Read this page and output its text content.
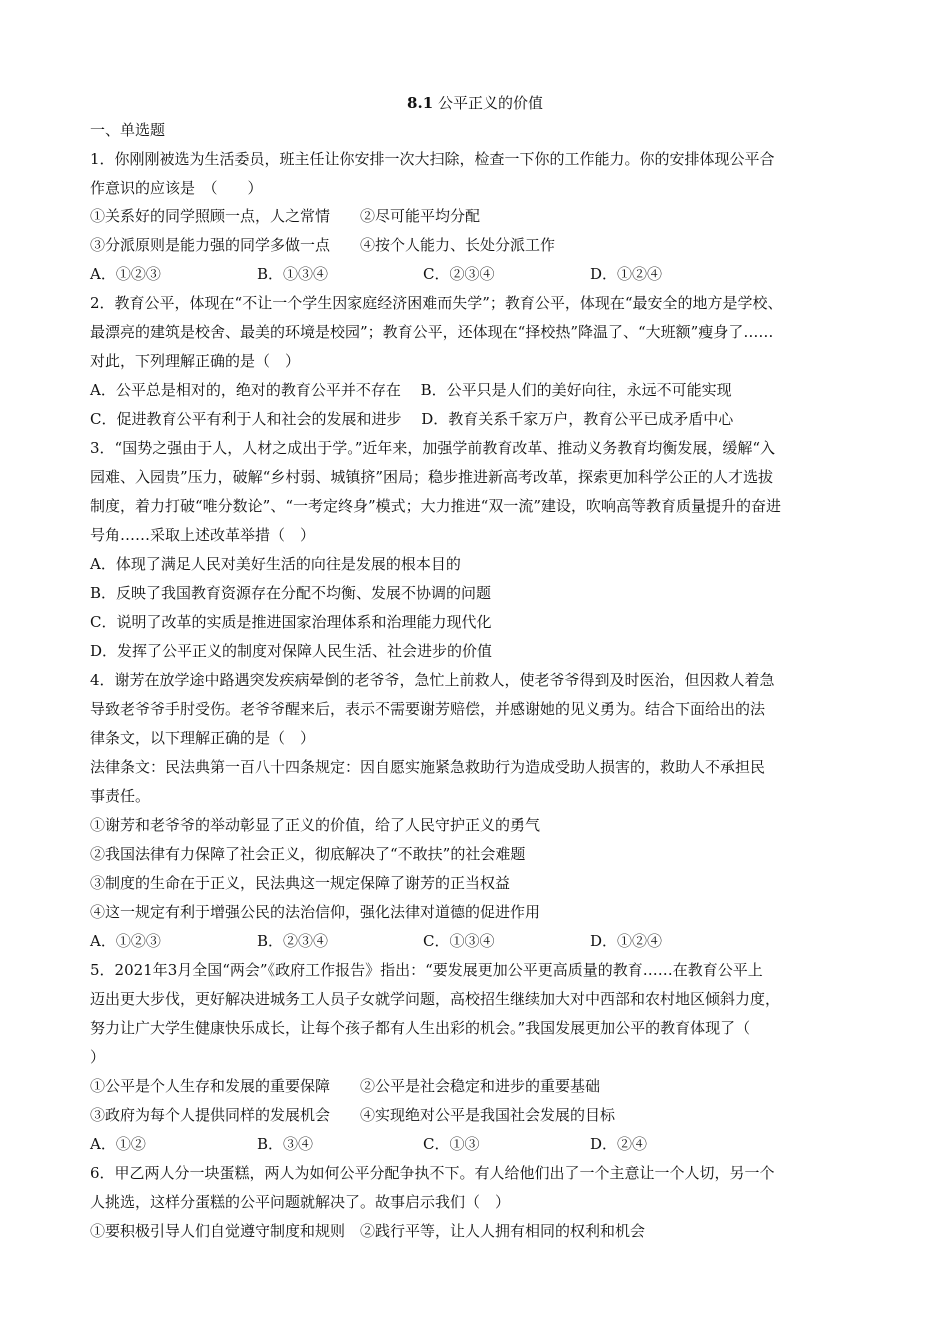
8.1 公平正义的价值
一、单选题
1．你刚刚被选为生活委员，班主任让你安排一次大扫除，检查一下你的工作能力。你的安排体现公平合
作意识的应该是　（　　）
①关系好的同学照顾一点，人之常情　　②尽可能平均分配
③分派原则是能力强的同学多做一点　　④按个人能力、长处分派工作
A．①②③	B．①③④	C．②③④	D．①②④
2．教育公平，体现在“不让一个学生因家庭经济困难而失学”；教育公平，体现在“最安全的地方是学校、
最漂亮的建筑是校舍、最美的环境是校园”；教育公平，还体现在“择校热”降温了、“大班额”瘦身了……
对此，下列理解正确的是（　）
A．公平总是相对的，绝对的教育公平并不存在　 B．公平只是人们的美好向往，永远不可能实现
C．促进教育公平有利于人和社会的发展和进步　 D．教育关系千家万户，教育公平已成矛盾中心
3．“国势之强由于人，人材之成出于学。”近年来，加强学前教育改革、推动义务教育均衡发展，缓解“入
园难、入园贵”压力，破解“乡村弱、城镇挤”困局；稳步推进新高考改革，探索更加科学公正的人才选拔
制度，着力打破“唯分数论”、“一考定终身”模式；大力推进“双一流”建设，吹响高等教育质量提升的奋进
号角……采取上述改革举措（　）
A．体现了满足人民对美好生活的向往是发展的根本目的
B．反映了我国教育资源存在分配不均衡、发展不协调的问题
C．说明了改革的实质是推进国家治理体系和治理能力现代化
D．发挥了公平正义的制度对保障人民生活、社会进步的价值
4．谢芳在放学途中路遇突发疾病晕倒的老爷爷，急忙上前救人，使老爷爷得到及时医治，但因救人着急
导致老爷爷手肘受伤。老爷爷醒来后，表示不需要谢芳赔偿，并感谢她的见义勇为。结合下面给出的法
律条文，以下理解正确的是（　）
法律条文：民法典第一百八十四条规定：因自愿实施紧急救助行为造成受助人损害的，救助人不承担民
事责任。
①谢芳和老爷爷的举动彰显了正义的价值，给了人民守护正义的勇气
②我国法律有力保障了社会正义，彻底解决了“不敢扶”的社会难题
③制度的生命在于正义，民法典这一规定保障了谢芳的正当权益
④这一规定有利于增强公民的法治信仰，强化法律对道德的促进作用
A．①②③	B．②③④	C．①③④	D．①②④
5．2021年3月全国“两会”《政府工作报告》指出：“要发展更加公平更高质量的教育……在教育公平上
迈出更大步伐，更好解决进城务工人员子女就学问题，高校招生继续加大对中西部和农村地区倾斜力度，
努力让广大学生健康快乐成长，让每个孩子都有人生出彩的机会。”我国发展更加公平的教育体现了（
）
①公平是个人生存和发展的重要保障　　②公平是社会稳定和进步的重要基础
③政府为每个人提供同样的发展机会　　④实现绝对公平是我国社会发展的目标
A．①②	B．③④	C．①③	D．②④
6．甲乙两人分一块蛋糕，两人为如何公平分配争执不下。有人给他们出了一个主意让一个人切，另一个
人挑选，这样分蛋糕的公平问题就解决了。故事启示我们（　）
①要积极引导人们自觉遵守制度和规则　②践行平等，让人人拥有相同的权利和机会
